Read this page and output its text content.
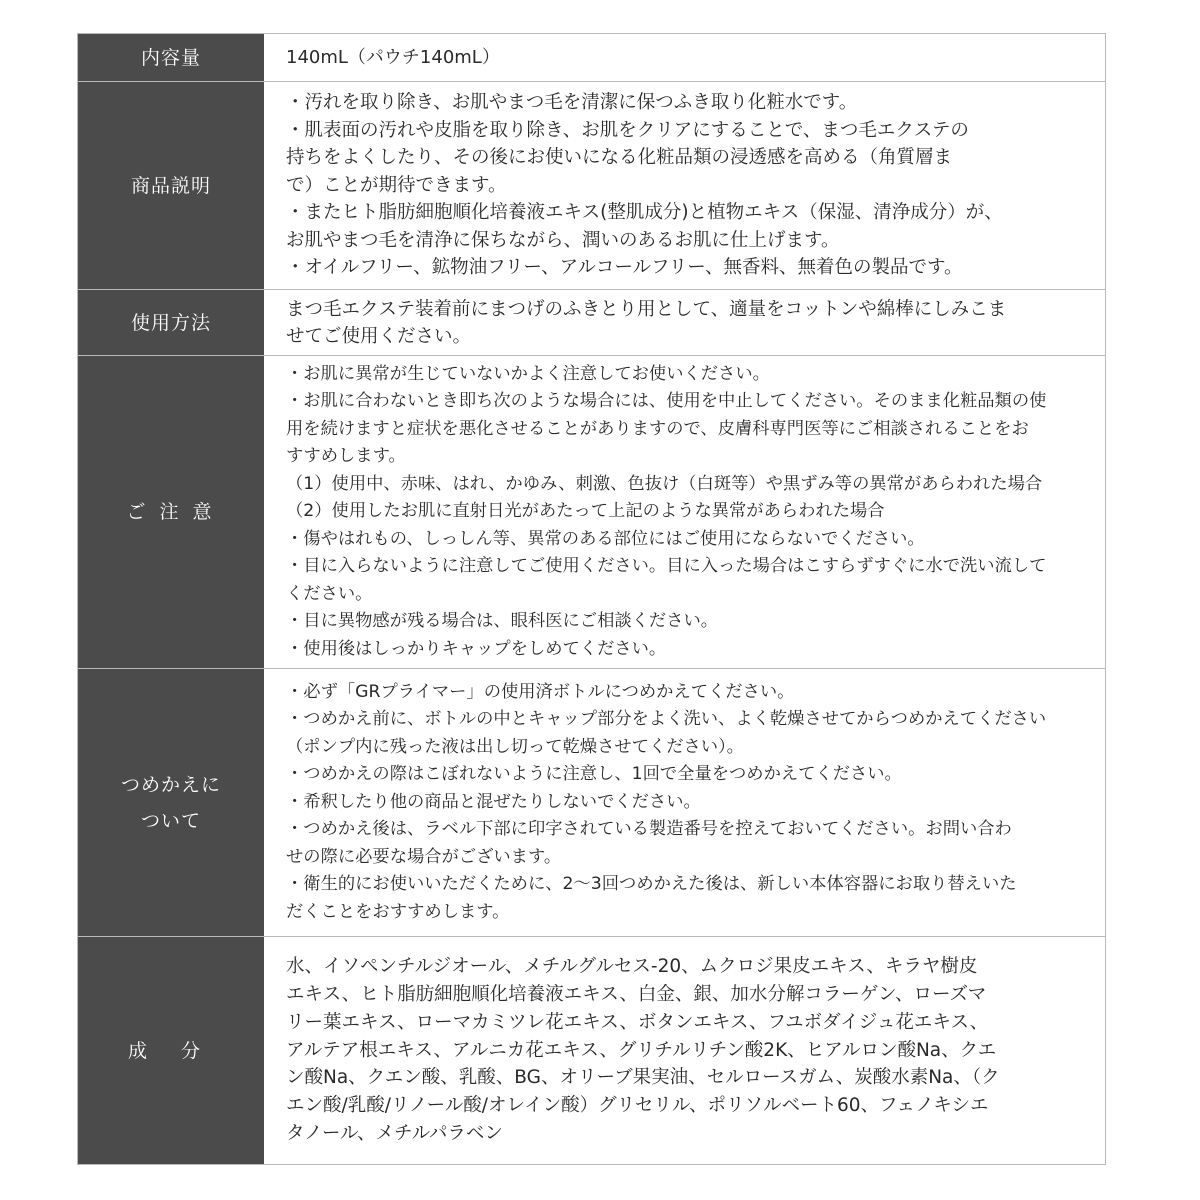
内容量	140mL（パウチ140mL）
商品説明
・汚れを取り除き、お肌やまつ毛を清潔に保つふき取り化粧水です。
・肌表面の汚れや皮脂を取り除き、お肌をクリアにすることで、まつ毛エクステの
持ちをよくしたり、その後にお使いになる化粧品類の浸透感を高める（角質層ま
で）ことが期待できます。
・またヒト脂肪細胞順化培養液エキス(整肌成分)と植物エキス（保湿、清浄成分）が、
お肌やまつ毛を清浄に保ちながら、潤いのあるお肌に仕上げます。
・オイルフリー、鉱物油フリー、アルコールフリー、無香料、無着色の製品です。
使用方法
まつ毛エクステ装着前にまつげのふきとり用として、適量をコットンや綿棒にしみこま
せてご使用ください。
ご 注 意
・お肌に異常が生じていないかよく注意してお使いください。
・お肌に合わないとき即ち次のような場合には、使用を中止してください。そのまま化粧品類の使
用を続けますと症状を悪化させることがありますので、皮膚科専門医等にご相談されることをお
すすめします。
（1）使用中、赤味、はれ、かゆみ、刺激、色抜け（白斑等）や黒ずみ等の異常があらわれた場合
（2）使用したお肌に直射日光があたって上記のような異常があらわれた場合
・傷やはれもの、しっしん等、異常のある部位にはご使用にならないでください。
・目に入らないように注意してご使用ください。目に入った場合はこすらずすぐに水で洗い流して
ください。
・目に異物感が残る場合は、眼科医にご相談ください。
・使用後はしっかりキャップをしめてください。
つめかえに
ついて
・必ず「GRプライマー」の使用済ボトルにつめかえてください。
・つめかえ前に、ボトルの中とキャップ部分をよく洗い、よく乾燥させてからつめかえてください
（ポンプ内に残った液は出し切って乾燥させてください）。
・つめかえの際はこぼれないように注意し、1回で全量をつめかえてください。
・希釈したり他の商品と混ぜたりしないでください。
・つめかえ後は、ラベル下部に印字されている製造番号を控えておいてください。お問い合わ
せの際に必要な場合がございます。
・衛生的にお使いいただくために、2〜3回つめかえた後は、新しい本体容器にお取り替えいた
だくことをおすすめします。
成 分
水、イソペンチルジオール、メチルグルセス-20、ムクロジ果皮エキス、キラヤ樹皮
エキス、ヒト脂肪細胞順化培養液エキス、白金、銀、加水分解コラーゲン、ローズマ
リー葉エキス、ローマカミツレ花エキス、ボタンエキス、フユボダイジュ花エキス、
アルテア根エキス、アルニカ花エキス、グリチルリチン酸2K、ヒアルロン酸Na、クエ
ン酸Na、クエン酸、乳酸、BG、オリーブ果実油、セルロースガム、炭酸水素Na、（ク
エン酸/乳酸/リノール酸/オレイン酸）グリセリル、ポリソルベート60、フェノキシエ
タノール、メチルパラベン
